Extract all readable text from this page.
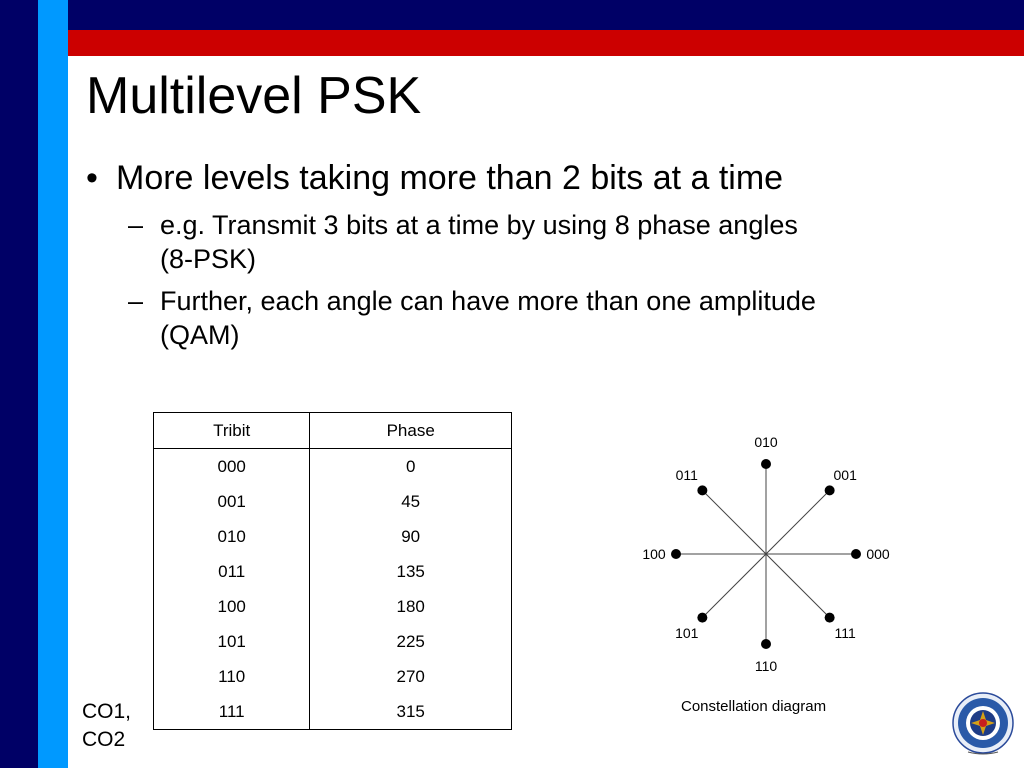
Multilevel PSK
• More levels taking more than 2 bits at a time
– e.g. Transmit 3 bits at a time by using 8 phase angles
(8-PSK)
– Further, each angle can have more than one amplitude
(QAM)
Tribit	Phase
000	0
001	45
010	90
011	135
100	180
101	225
110	270
111	315
CO1,
CO2
000
001
010
011
100
101
110
111
Constellation diagram
